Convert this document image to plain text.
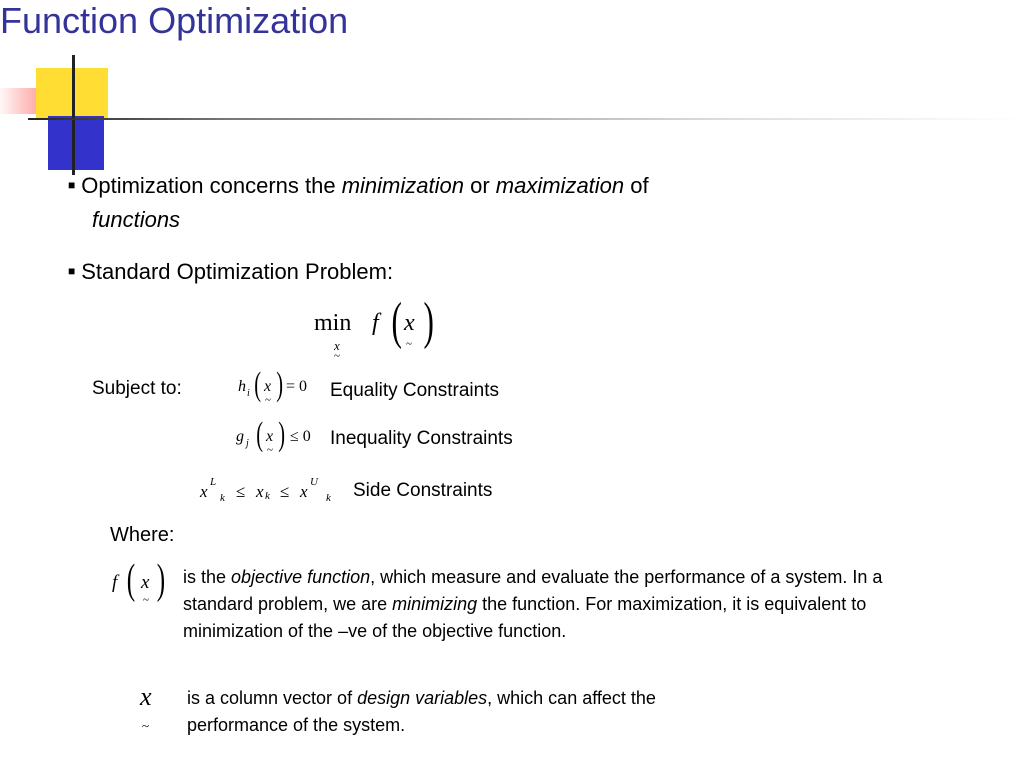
Function Optimization
■ Optimization concerns the minimization or maximization of
functions
■ Standard Optimization Problem:
min
x
~
f ( x
~ )
Subject to:	h i ( x
~ ) = 0 Equality Constraints
g j ( x
~ ) ≤ 0 Inequality Constraints
x L
k ≤ x k ≤ x U
k Side Constraints
Where:
f ( x
~ ) is the objective function, which measure and evaluate the performance of a system. In a standard problem, we are minimizing the function. For maximization, it is equivalent to minimization of the –ve of the objective function.
x
~
is a column vector of design variables, which can affect the performance of the system.
